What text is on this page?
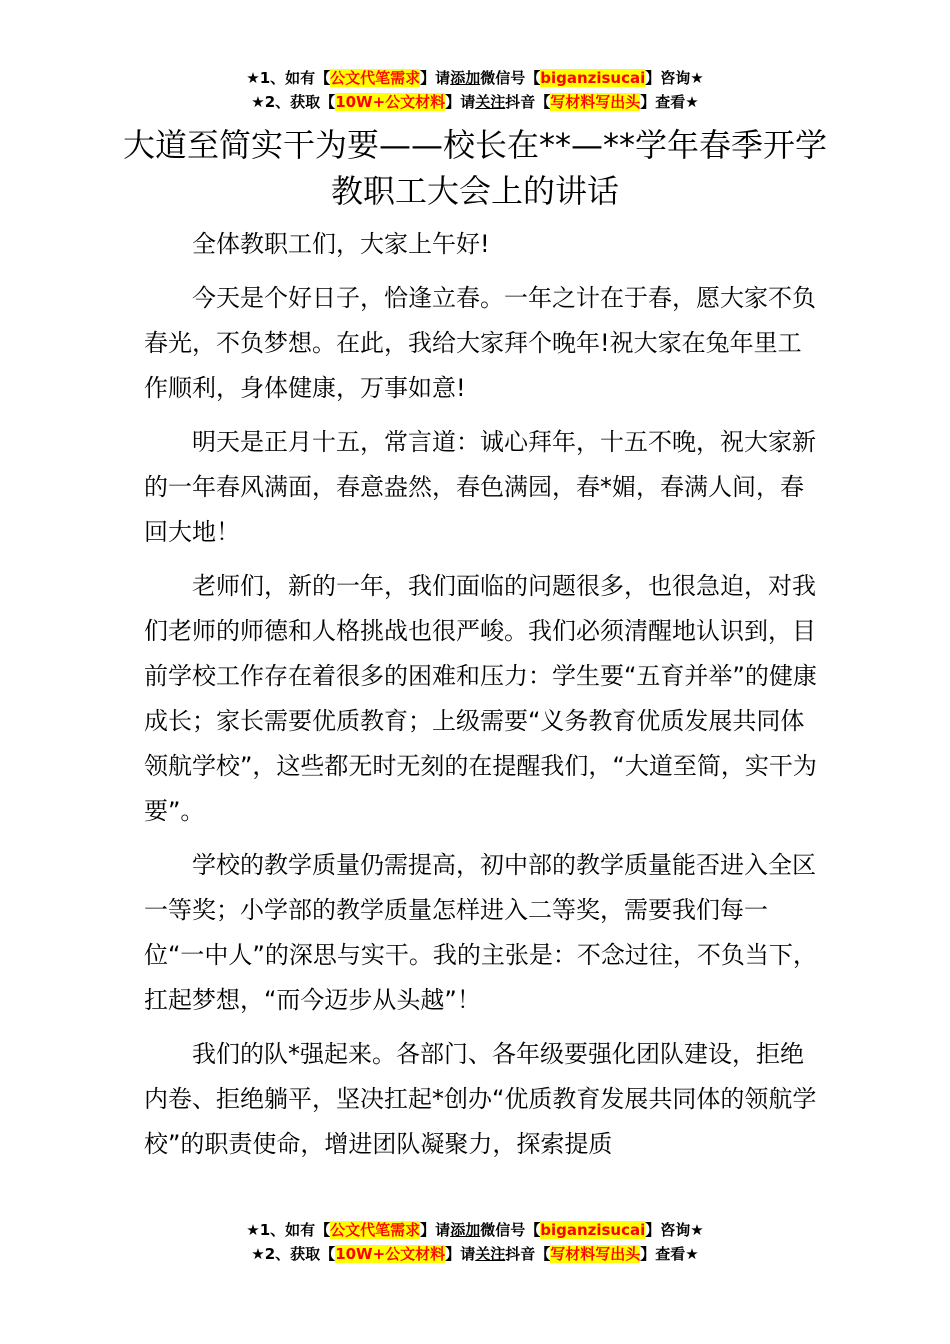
★1、如有【公文代笔需求】请添加微信号【biganzisucai】咨询★
★2、获取【10W+公文材料】请关注抖音【写材料写出头】查看★
大道至简实干为要——校长在**—**学年春季开学教职工大会上的讲话

全体教职工们，大家上午好!

今天是个好日子，恰逢立春。一年之计在于春，愿大家不负春光，不负梦想。在此，我给大家拜个晚年!祝大家在兔年里工作顺利，身体健康，万事如意!

明天是正月十五，常言道：诚心拜年，十五不晚，祝大家新的一年春风满面，春意盎然，春色满园，春*媚，春满人间，春回大地！

老师们，新的一年，我们面临的问题很多，也很急迫，对我们老师的师德和人格挑战也很严峻。我们必须清醒地认识到，目前学校工作存在着很多的困难和压力：学生要“五育并举”的健康成长；家长需要优质教育；上级需要“义务教育优质发展共同体领航学校”，这些都无时无刻的在提醒我们，“大道至简，实干为要”。

学校的教学质量仍需提高，初中部的教学质量能否进入全区一等奖；小学部的教学质量怎样进入二等奖，需要我们每一位“一中人”的深思与实干。我的主张是：不念过往，不负当下，扛起梦想，“而今迈步从头越”！

我们的队*强起来。各部门、各年级要强化团队建设，拒绝内卷、拒绝躺平，坚决扛起*创办“优质教育发展共同体的领航学校”的职责使命，增进团队凝聚力，探索提质

★1、如有【公文代笔需求】请添加微信号【biganzisucai】咨询★
★2、获取【10W+公文材料】请关注抖音【写材料写出头】查看★
